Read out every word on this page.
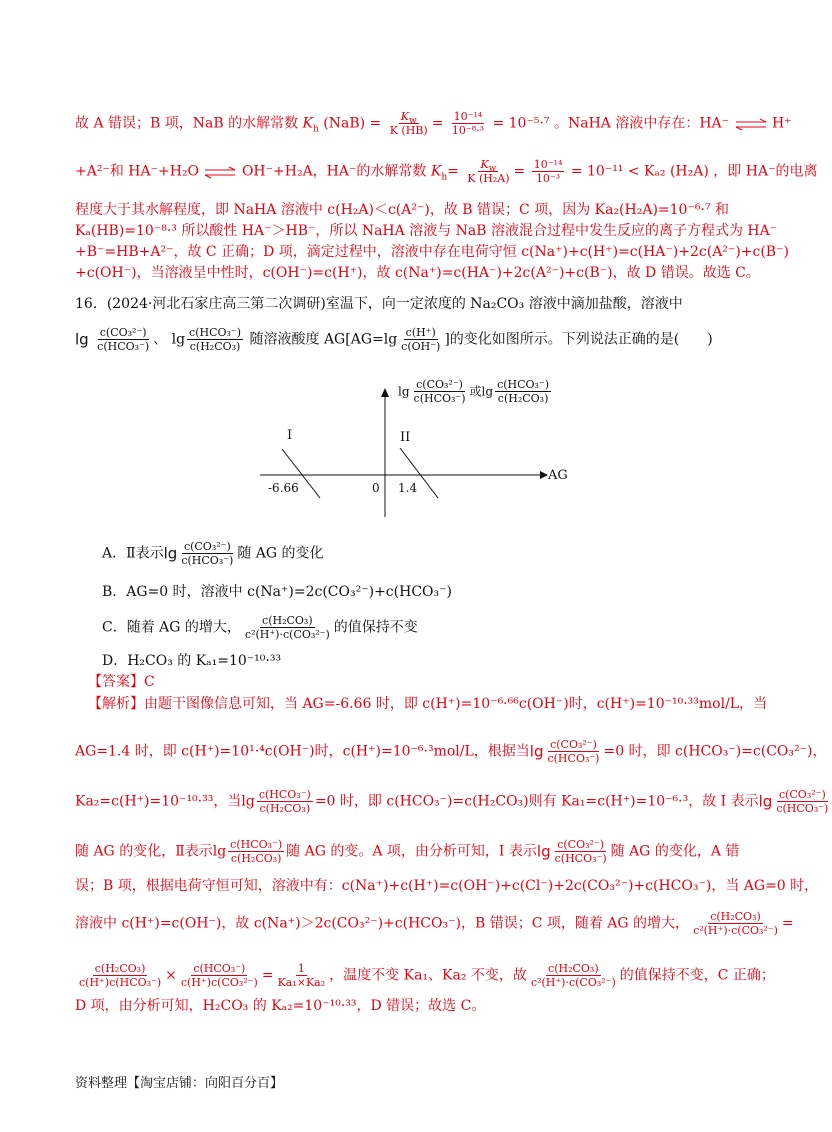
故 A 错误；B 项，NaB 的水解常数 $K_h$ $(NaB) = \frac{K_w}{K (HB)} = \frac{\text{10⁻¹⁴}}{\text{10⁻⁸·³}} = 10^{-5}\cdot^7$ 。NaHA 溶液中存在：HA⁻ ⇌ H⁺
+A²⁻和 HA⁻+H₂O ⇌ OH⁻+H₂A，HA⁻的水解常数 $K_h= \frac{K_w}{\text{K (H₂A)}} = \frac{\text{10⁻¹⁴}}{\text{10⁻³}} = 10^{-11} < K_{a2}$ (H₂A) ，即 HA⁻的电离
程度大于其水解程度，即 NaHA 溶液中 c(H₂A)＜c(A²⁻)，故 B 错误；C 项，因为 Ka₂(H₂A)=10⁻⁶·⁷ 和
Kₐ(HB)=10⁻⁸·³ 所以酸性 HA⁻＞HB⁻，所以 NaHA 溶液与 NaB 溶液混合过程中发生反应的离子方程式为 HA⁻
+B⁻=HB+A²⁻，故 C 正确；D 项，滴定过程中，溶液中存在电荷守恒 c(Na⁺)+c(H⁺)=c(HA⁻)+2c(A²⁻)+c(B⁻)
+c(OH⁻)，当溶液呈中性时，c(OH⁻)=c(H⁺)，故 c(Na⁺)=c(HA⁻)+2c(A²⁻)+c(B⁻)，故 D 错误。故选 C。
16．(2024·河北石家庄高三第二次调研)室温下，向一定浓度的 Na₂CO₃ 溶液中滴加盐酸，溶液中
$\lg \frac{\text{c(CO₃²⁻)}}{\text{c(HCO₃⁻)}}$ 、 $\lg \frac{\text{c(HCO₃⁻)}}{\text{c(H₂CO₃)}}$ 随溶液酸度 $AG[AG=\lg \frac{c(H^+)}{c(OH^-)}$ ]的变化如图所示。下列说法正确的是(　　)
$\lg \frac{\text{c(CO₃²⁻)}}{\text{c(HCO₃⁻)}}$ 或$\lg \frac{\text{c(HCO₃⁻)}}{\text{c(H₂CO₃)}}$
I	II
AG
0
-6.66	1.4
A．Ⅱ表示$\lg \frac{\text{c(CO₃²⁻)}}{\text{c(HCO₃⁻)}}$ 随 AG 的变化
B．AG=0 时，溶液中 c(Na⁺)=2c(CO₃²⁻)+c(HCO₃⁻)
C．随着 AG 的增大， $\frac{\text{c(H₂CO₃)}}{\text{c²(H⁺)·c(CO₃²⁻)}}$ 的值保持不变
D．H₂CO₃ 的 Kₐ₁=10⁻¹⁰·³³
【答案】C
【解析】由题干图像信息可知，当 AG=-6.66 时，即 c(H⁺)=10⁻⁶·⁶⁶c(OH⁻)时，c(H⁺)=10⁻¹⁰·³³mol/L，当
AG=1.4 时，即 c(H⁺)=10¹·⁴c(OH⁻)时，c(H⁺)=10⁻⁶·³mol/L，根据当$\lg \frac{\text{c(CO₃²⁻)}}{\text{c(HCO₃⁻)}} =0$ 时，即 c(HCO₃⁻)=c(CO₃²⁻)，
Ka₂=c(H⁺)=10⁻¹⁰·³³，当$\lg \frac{\text{c(HCO₃⁻)}}{\text{c(H₂CO₃)}} =0$ 时，即 c(HCO₃⁻)=c(H₂CO₃)则有 Ka₁=c(H⁺)=10⁻⁶·³，故 I 表示$\lg \frac{\text{c(CO₃²⁻)}}{\text{c(HCO₃⁻)}}$
随 AG 的变化，Ⅱ表示$\lg \frac{\text{c(HCO₃⁻)}}{\text{c(H₂CO₃)}}$ 随 AG 的变。A 项，由分析可知，I 表示$\lg \frac{\text{c(CO₃²⁻)}}{\text{c(HCO₃⁻)}}$ 随 AG 的变化，A 错
误；B 项，根据电荷守恒可知，溶液中有：c(Na⁺)+c(H⁺)=c(OH⁻)+c(Cl⁻)+2c(CO₃²⁻)+c(HCO₃⁻)，当 AG=0 时，
溶液中 c(H⁺)=c(OH⁻)，故 c(Na⁺)＞2c(CO₃²⁻)+c(HCO₃⁻)，B 错误；C 项，随着 AG 的增大， $\frac{\text{c(H₂CO₃)}}{\text{c²(H⁺)·c(CO₃²⁻)}}$ =
$\frac{\text{c(H₂CO₃)}}{\text{c(H⁺)c(HCO₃⁻)}} \times \frac{\text{c(HCO₃⁻)}}{\text{c(H⁺)c(CO₃²⁻)}} = \frac{1}{\text{Ka₁×Ka₂}}$ ，温度不变 Ka₁、Ka₂ 不变，故 $\frac{\text{c(H₂CO₃)}}{\text{c²(H⁺)·c(CO₃²⁻)}}$ 的值保持不变，C 正确；
D 项，由分析可知，H₂CO₃ 的 Kₐ₂=10⁻¹⁰·³³，D 错误；故选 C。
资料整理【淘宝店铺：向阳百分百】
